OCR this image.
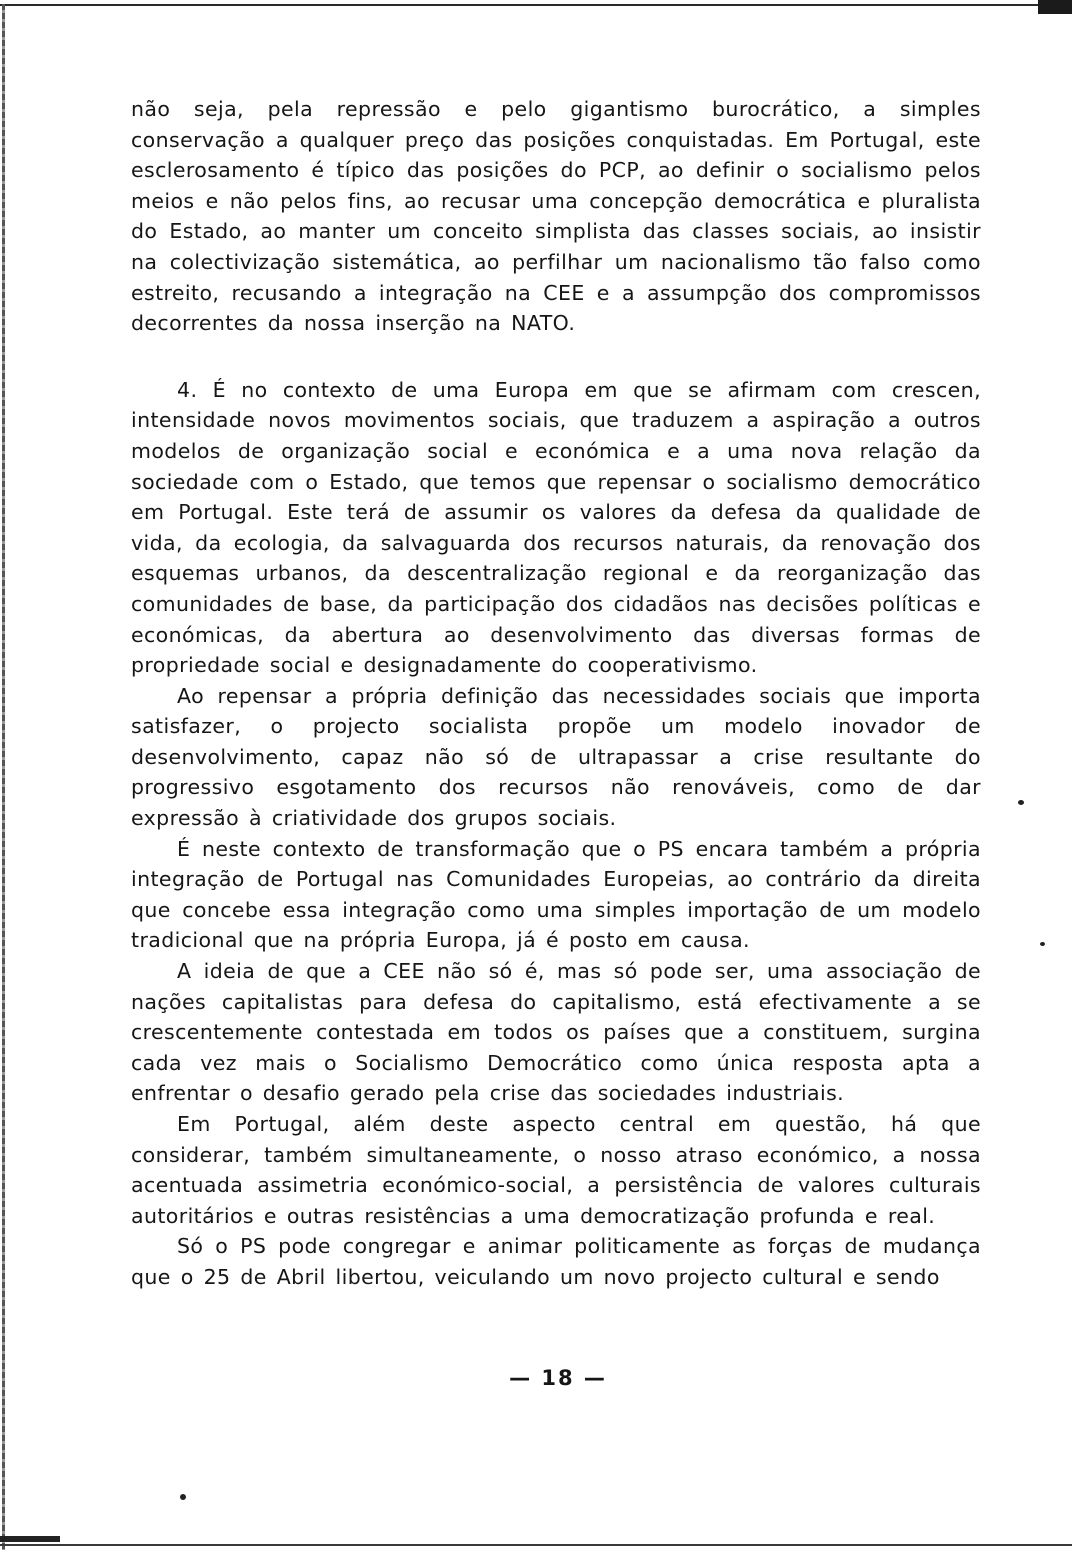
não seja, pela repressão e pelo gigantismo burocrático, a simples conservação a qualquer preço das posições conquistadas. Em Portugal, este esclerosamento é típico das posições do PCP, ao definir o socialismo pelos meios e não pelos fins, ao recusar uma concepção democrática e pluralista do Estado, ao manter um conceito simplista das classes sociais, ao insistir na colectivização sistemática, ao perfilhar um nacionalismo tão falso como estreito, recusando a integração na CEE e a assumpção dos compromissos decorrentes da nossa inserção na NATO.

4. É no contexto de uma Europa em que se afirmam com crescen, intensidade novos movimentos sociais, que traduzem a aspiração a outros modelos de organização social e económica e a uma nova relação da sociedade com o Estado, que temos que repensar o socialismo democrático em Portugal. Este terá de assumir os valores da defesa da qualidade de vida, da ecologia, da salvaguarda dos recursos naturais, da renovação dos esquemas urbanos, da descentralização regional e da reorganização das comunidades de base, da participação dos cidadãos nas decisões políticas e económicas, da abertura ao desenvolvimento das diversas formas de propriedade social e designadamente do cooperativismo.

Ao repensar a própria definição das necessidades sociais que importa satisfazer, o projecto socialista propõe um modelo inovador de desenvolvimento, capaz não só de ultrapassar a crise resultante do progressivo esgotamento dos recursos não renováveis, como de dar expressão à criatividade dos grupos sociais.

É neste contexto de transformação que o PS encara também a própria integração de Portugal nas Comunidades Europeias, ao contrário da direita que concebe essa integração como uma simples importação de um modelo tradicional que na própria Europa, já é posto em causa.

A ideia de que a CEE não só é, mas só pode ser, uma associação de nações capitalistas para defesa do capitalismo, está efectivamente a se crescentemente contestada em todos os países que a constituem, surgina cada vez mais o Socialismo Democrático como única resposta apta a enfrentar o desafio gerado pela crise das sociedades industriais.

Em Portugal, além deste aspecto central em questão, há que considerar, também simultaneamente, o nosso atraso económico, a nossa acentuada assimetria económico-social, a persistência de valores culturais autoritários e outras resistências a uma democratização profunda e real.

Só o PS pode congregar e animar politicamente as forças de mudança que o 25 de Abril libertou, veiculando um novo projecto cultural e sendo

— 18 —
